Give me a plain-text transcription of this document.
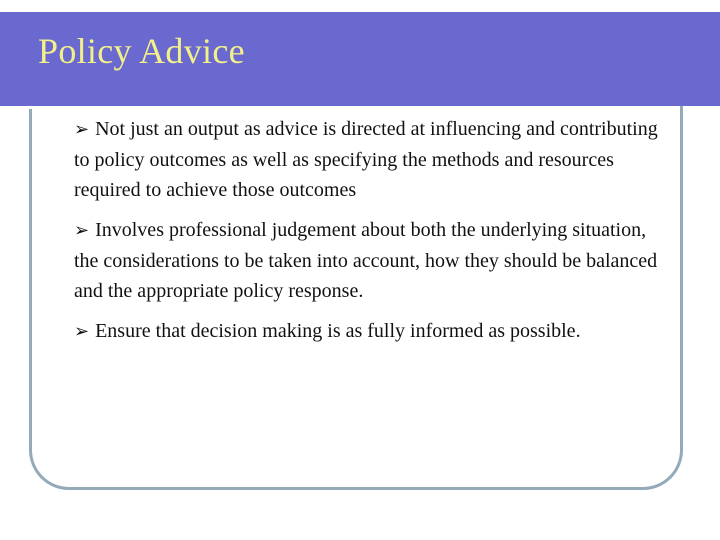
Policy Advice

➢ Not just an output as advice is directed at influencing and contributing to policy outcomes as well as specifying the methods and resources required to achieve those outcomes

➢ Involves professional judgement about both the underlying situation, the considerations to be taken into account, how they should be balanced and the appropriate policy response.

➢ Ensure that decision making is as fully informed as possible.
